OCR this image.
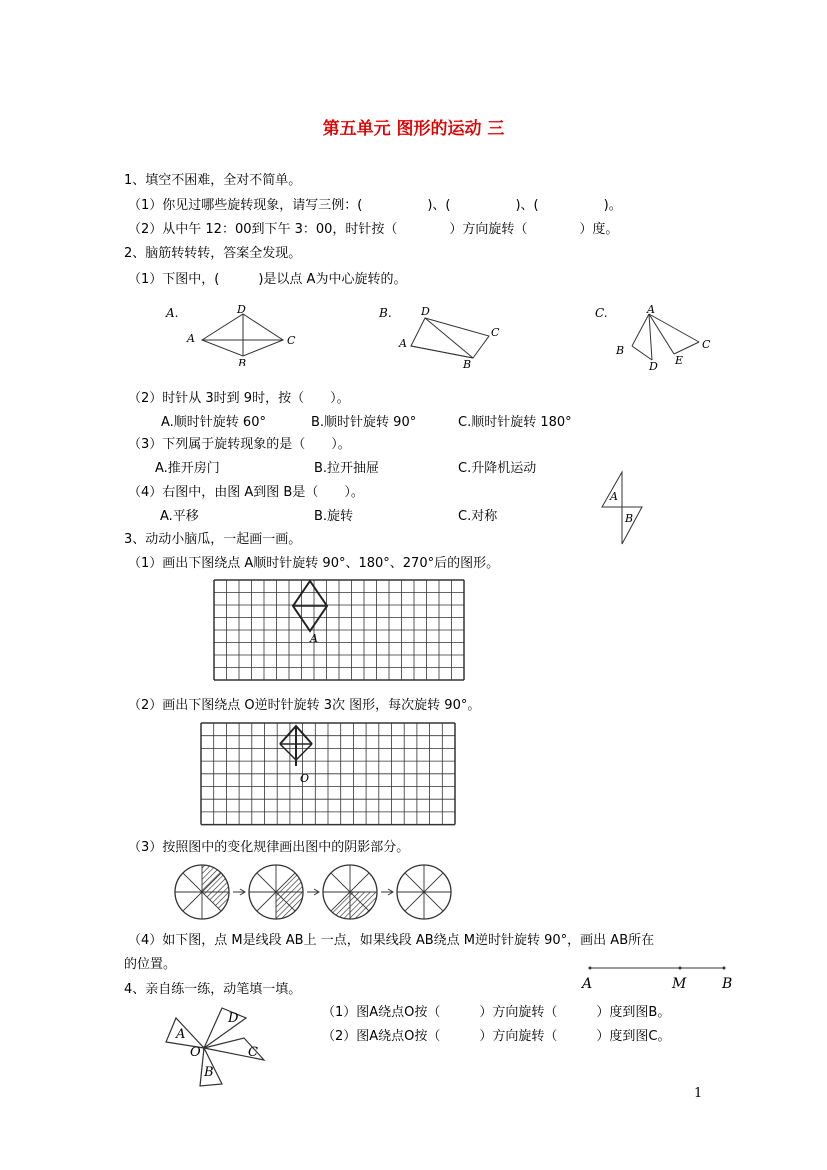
第五单元 图形的运动 三
1、填空不困难，全对不简单。
（1）你见过哪些旋转现象，请写三例：(　　　　　)、(　　　　　)、(　　　　　)。
（2）从中午 12：00到下午 3：00，时针按（　　　　）方向旋转（　　　　）度。
2、脑筋转转转，答案全发现。
（1）下图中，(　　　)是以点 A为中心旋转的。
A.
A
D
C
B
B.
A
D
C
B
C.	A
B
D E
C
（2）时针从 3时到 9时，按（　　）。
A.顺时针旋转 60°	B.顺时针旋转 90°	C.顺时针旋转 180°
（3）下列属于旋转现象的是（　　）。
A.推开房门	B.拉开抽屉	C.升降机运动
（4）右图中，由图 A到图 B是（　　）。
A.平移	B.旋转	C.对称
A
B
3、动动小脑瓜，一起画一画。
（1）画出下图绕点 A顺时针旋转 90°、180°、270°后的图形。
A
（2）画出下图绕点 O逆时针旋转 3次 图形，每次旋转 90°。
O
（3）按照图中的变化规律画出图中的阴影部分。
（4）如下图，点 M是线段 AB上 一点，如果线段 AB绕点 M逆时针旋转 90°，画出 AB所在
的位置。
A	M	B
4、亲自练一练，动笔填一填。
（1）图A绕点O按（　　　）方向旋转（　　　）度到图B。
（2）图A绕点O按（　　　）方向旋转（　　　）度到图C。
A
D
C
B
O
1
